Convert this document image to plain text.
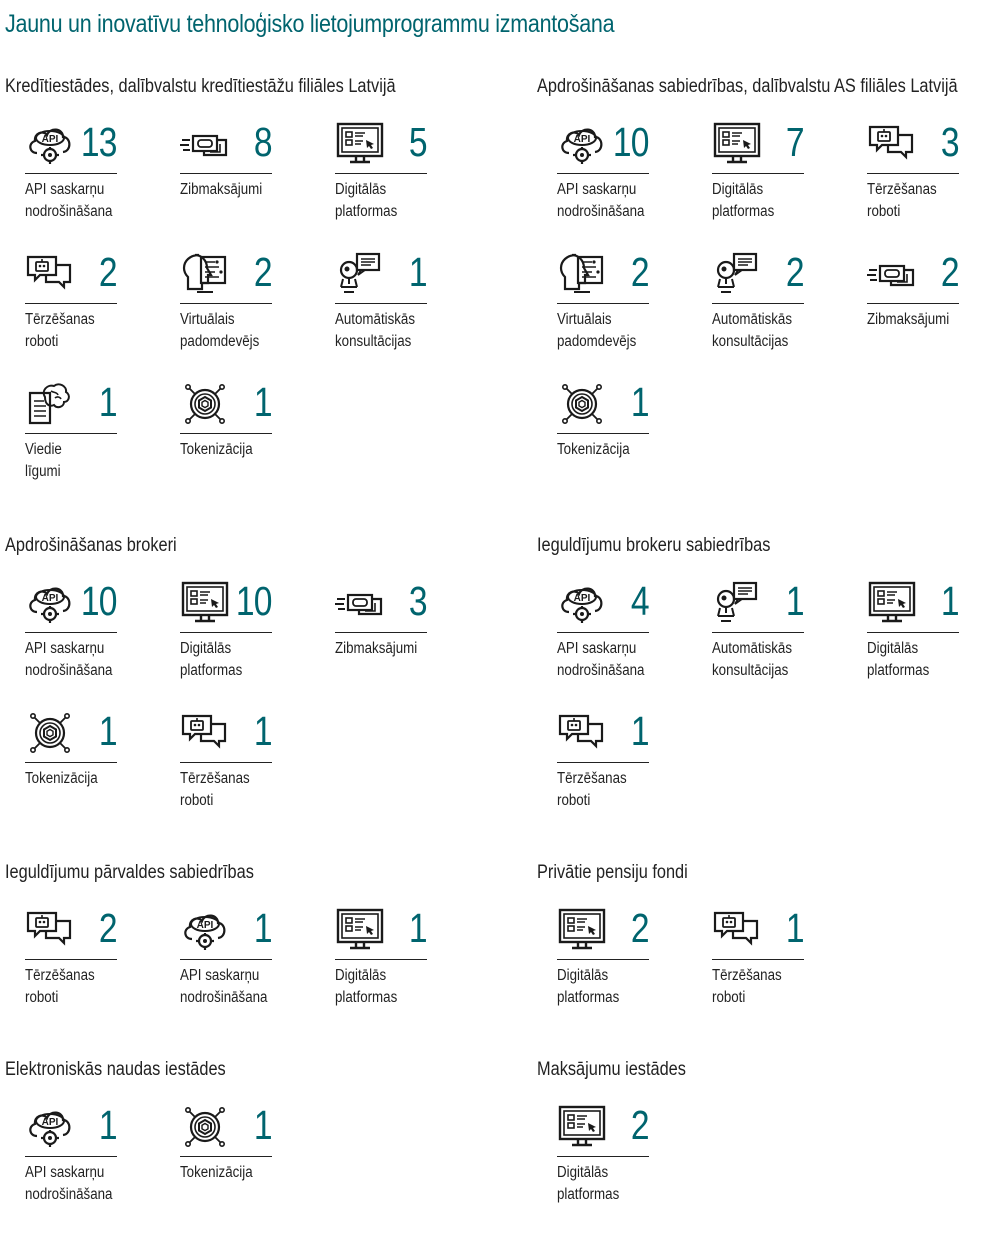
Jaunu un inovatīvu tehnoloģisko lietojumprogrammu izmantošana
Kredītiestādes, dalībvalstu kredītiestāžu filiāles Latvijā
API 13
API saskarņu
nodrošināšana
8
Zibmaksājumi
5
Digitālās
platformas
2
Tērzēšanas
roboti
2
Virtuālais
padomdevējs
1
Automātiskās
konsultācijas
1
Viedie
līgumi
1
Tokenizācija
Apdrošināšanas sabiedrības, dalībvalstu AS filiāles Latvijā
API 10
API saskarņu
nodrošināšana
7
Digitālās
platformas
3
Tērzēšanas
roboti
2
Virtuālais
padomdevējs
2
Automātiskās
konsultācijas
2
Zibmaksājumi
1
Tokenizācija
Apdrošināšanas brokeri
API 10
API saskarņu
nodrošināšana
10
Digitālās
platformas
3
Zibmaksājumi
1
Tokenizācija
1
Tērzēšanas
roboti
Ieguldījumu brokeru sabiedrības
API 4
API saskarņu
nodrošināšana
1
Automātiskās
konsultācijas
1
Digitālās
platformas
1
Tērzēšanas
roboti
Ieguldījumu pārvaldes sabiedrības
2
Tērzēšanas
roboti
API 1
API saskarņu
nodrošināšana
1
Digitālās
platformas
Privātie pensiju fondi
2
Digitālās
platformas
1
Tērzēšanas
roboti
Elektroniskās naudas iestādes
API 1
API saskarņu
nodrošināšana
1
Tokenizācija
Maksājumu iestādes
2
Digitālās
platformas
